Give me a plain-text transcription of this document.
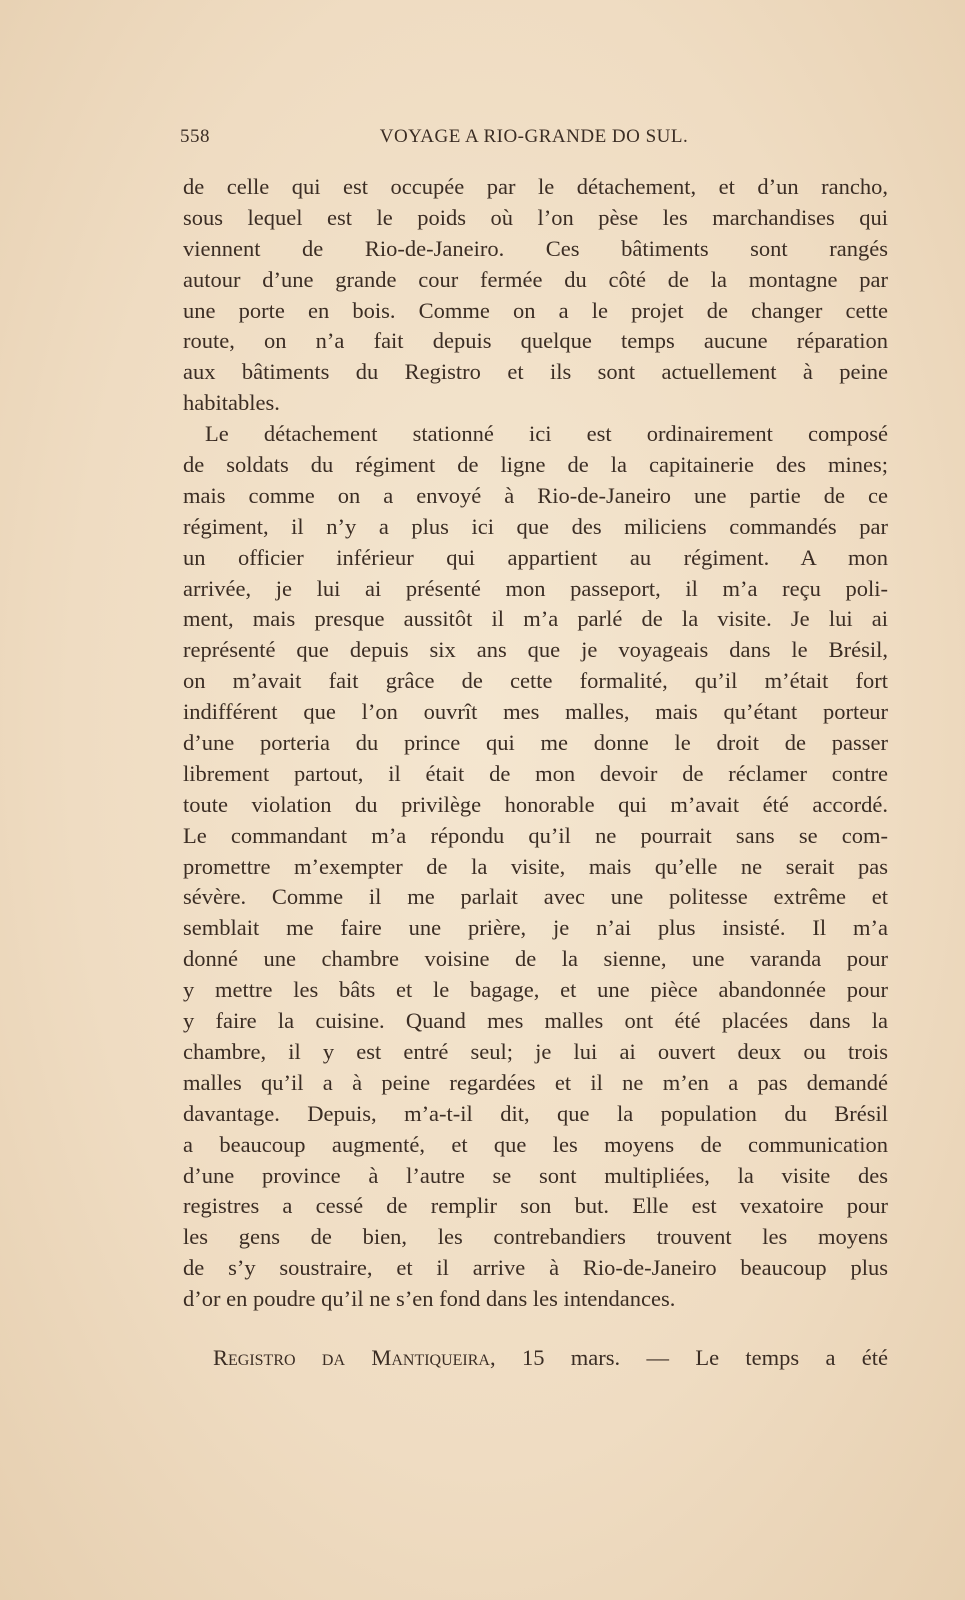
558	VOYAGE A RIO-GRANDE DO SUL.
de celle qui est occupée par le détachement, et d’un rancho,
sous lequel est le poids où l’on pèse les marchandises qui
viennent de Rio-de-Janeiro. Ces bâtiments sont rangés
autour d’une grande cour fermée du côté de la montagne par
une porte en bois. Comme on a le projet de changer cette
route, on n’a fait depuis quelque temps aucune réparation
aux bâtiments du Registro et ils sont actuellement à peine
habitables.
Le détachement stationné ici est ordinairement composé
de soldats du régiment de ligne de la capitainerie des mines;
mais comme on a envoyé à Rio-de-Janeiro une partie de ce
régiment, il n’y a plus ici que des miliciens commandés par
un officier inférieur qui appartient au régiment. A mon
arrivée, je lui ai présenté mon passeport, il m’a reçu poli-
ment, mais presque aussitôt il m’a parlé de la visite. Je lui ai
représenté que depuis six ans que je voyageais dans le Brésil,
on m’avait fait grâce de cette formalité, qu’il m’était fort
indifférent que l’on ouvrît mes malles, mais qu’étant porteur
d’une porteria du prince qui me donne le droit de passer
librement partout, il était de mon devoir de réclamer contre
toute violation du privilège honorable qui m’avait été accordé.
Le commandant m’a répondu qu’il ne pourrait sans se com-
promettre m’exempter de la visite, mais qu’elle ne serait pas
sévère. Comme il me parlait avec une politesse extrême et
semblait me faire une prière, je n’ai plus insisté. Il m’a
donné une chambre voisine de la sienne, une varanda pour
y mettre les bâts et le bagage, et une pièce abandonnée pour
y faire la cuisine. Quand mes malles ont été placées dans la
chambre, il y est entré seul; je lui ai ouvert deux ou trois
malles qu’il a à peine regardées et il ne m’en a pas demandé
davantage. Depuis, m’a-t-il dit, que la population du Brésil
a beaucoup augmenté, et que les moyens de communication
d’une province à l’autre se sont multipliées, la visite des
registres a cessé de remplir son but. Elle est vexatoire pour
les gens de bien, les contrebandiers trouvent les moyens
de s’y soustraire, et il arrive à Rio-de-Janeiro beaucoup plus
d’or en poudre qu’il ne s’en fond dans les intendances.
Registro da Mantiqueira, 15 mars. — Le temps a été
